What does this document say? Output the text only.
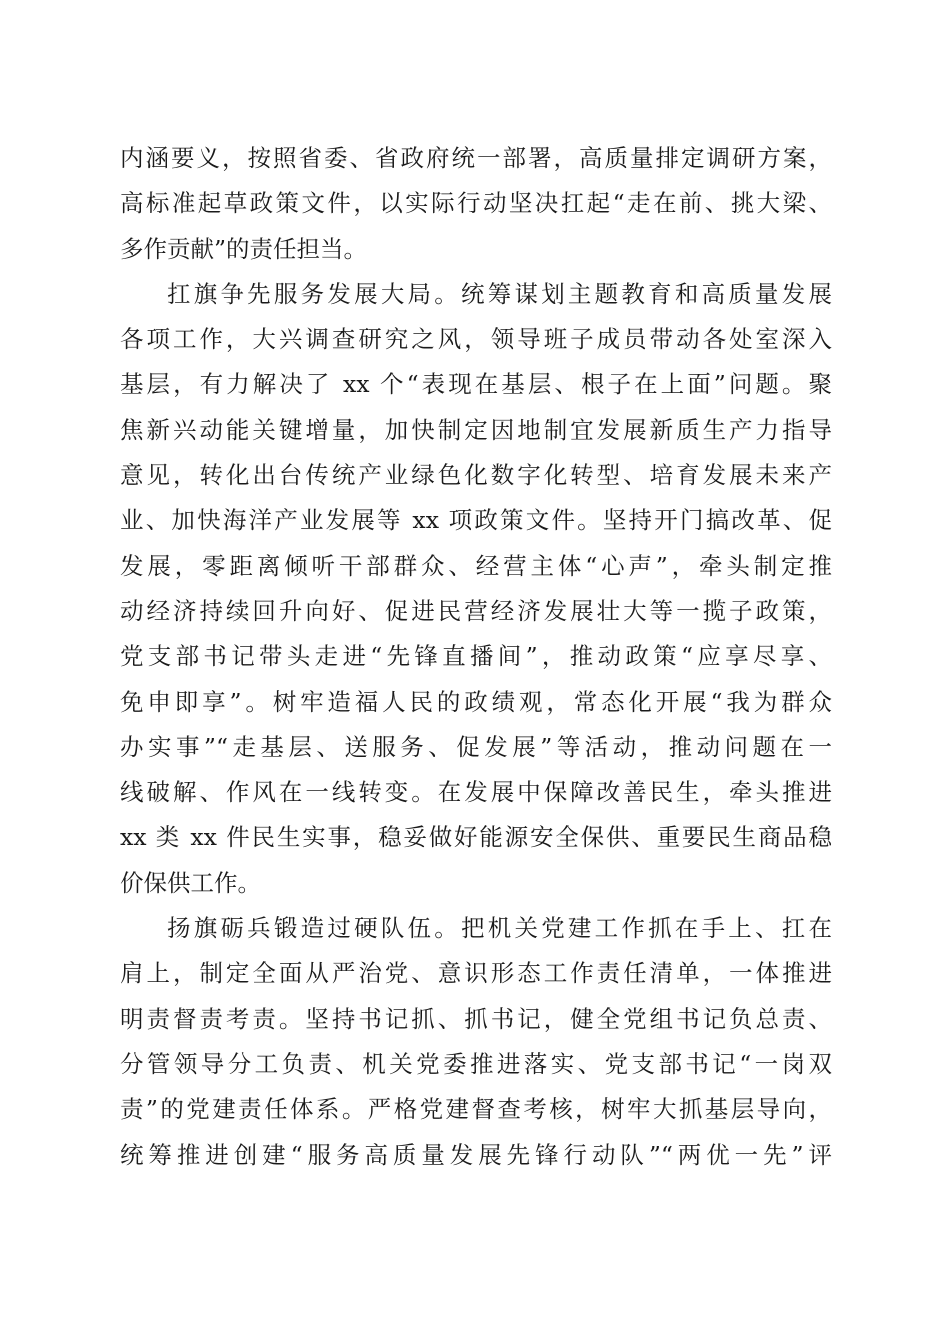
内涵要义，按照省委、省政府统一部署，高质量排定调研方案，
高标准起草政策文件，以实际行动坚决扛起“走在前、挑大梁、
多作贡献”的责任担当。
扛旗争先服务发展大局。统筹谋划主题教育和高质量发展
各项工作，大兴调查研究之风，领导班子成员带动各处室深入
基层，有力解决了 xx 个“表现在基层、根子在上面”问题。聚
焦新兴动能关键增量，加快制定因地制宜发展新质生产力指导
意见，转化出台传统产业绿色化数字化转型、培育发展未来产
业、加快海洋产业发展等 xx 项政策文件。坚持开门搞改革、促
发展，零距离倾听干部群众、经营主体“心声”，牵头制定推
动经济持续回升向好、促进民营经济发展壮大等一揽子政策，
党支部书记带头走进“先锋直播间”，推动政策“应享尽享、
免申即享”。树牢造福人民的政绩观，常态化开展“我为群众
办实事”“走基层、送服务、促发展”等活动，推动问题在一
线破解、作风在一线转变。在发展中保障改善民生，牵头推进
xx 类 xx 件民生实事，稳妥做好能源安全保供、重要民生商品稳
价保供工作。
扬旗砺兵锻造过硬队伍。把机关党建工作抓在手上、扛在
肩上，制定全面从严治党、意识形态工作责任清单，一体推进
明责督责考责。坚持书记抓、抓书记，健全党组书记负总责、
分管领导分工负责、机关党委推进落实、党支部书记“一岗双
责”的党建责任体系。严格党建督查考核，树牢大抓基层导向，
统筹推进创建“服务高质量发展先锋行动队”“两优一先”评
